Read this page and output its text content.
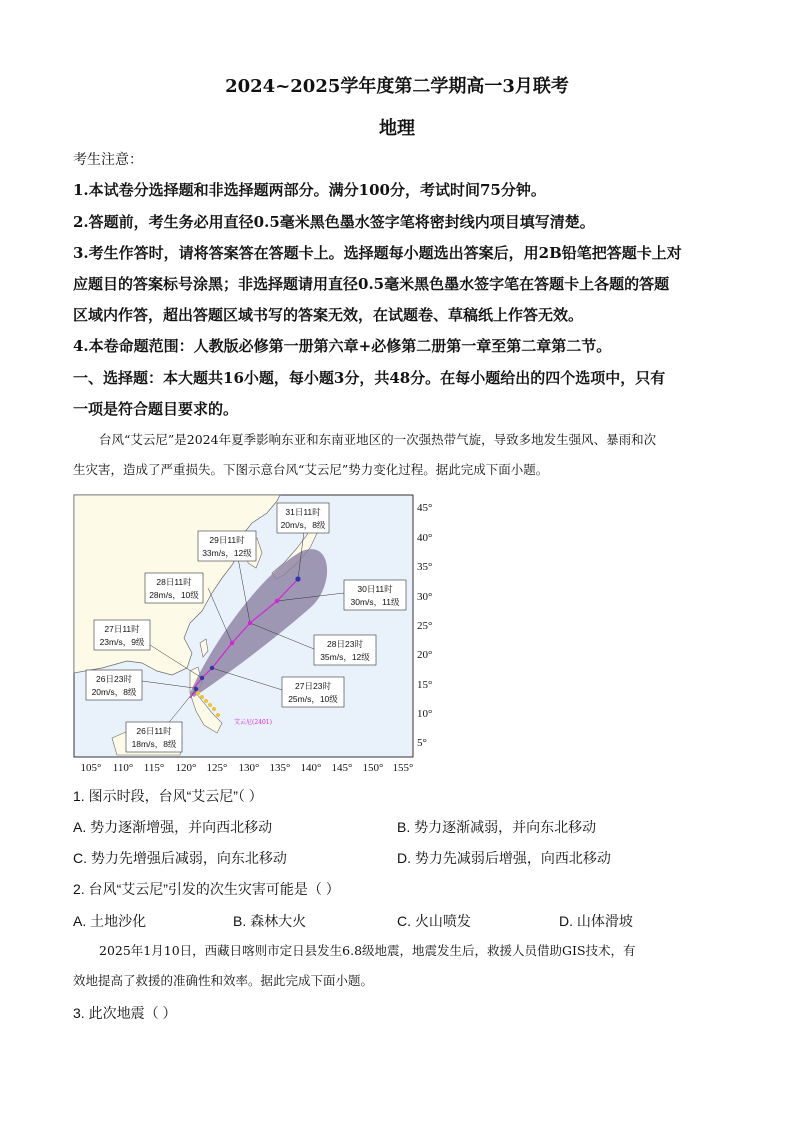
2024~2025学年度第二学期高一3月联考
地理
考生注意：
1.本试卷分选择题和非选择题两部分。满分100分，考试时间75分钟。
2.答题前，考生务必用直径0.5毫米黑色墨水签字笔将密封线内项目填写清楚。
3.考生作答时，请将答案答在答题卡上。选择题每小题选出答案后，用2B铅笔把答题卡上对
应题目的答案标号涂黑；非选择题请用直径0.5毫米黑色墨水签字笔在答题卡上各题的答题
区域内作答，超出答题区域书写的答案无效，在试题卷、草稿纸上作答无效。
4.本卷命题范围：人教版必修第一册第六章+必修第二册第一章至第二章第二节。
一、选择题：本大题共16小题，每小题3分，共48分。在每小题给出的四个选项中，只有
一项是符合题目要求的。
台风“艾云尼”是2024年夏季影响东亚和东南亚地区的一次强热带气旋，导致多地发生强风、暴雨和次
生灾害，造成了严重损失。下图示意台风“艾云尼”势力变化过程。据此完成下面小题。
艾云尼(2401)
31日11时
20m/s，8级
29日11时
33m/s，12级
28日11时
28m/s，10级
30日11时
30m/s，11级
27日11时
23m/s，9级	28日23时
35m/s，12级
26日23时
20m/s，8级
27日23时
25m/s，10级
26日11时
18m/s，8级
45°
40°
35°
30°
25°
20°
15°
10°
5°
105° 110° 115° 120° 125° 130° 135° 140° 145° 150° 155°
1. 图示时段，台风“艾云尼”（ ）
A. 势力逐渐增强，并向西北移动	B. 势力逐渐减弱，并向东北移动
C. 势力先增强后减弱，向东北移动	D. 势力先减弱后增强，向西北移动
2. 台风“艾云尼”引发的次生灾害可能是（ ）
A. 土地沙化	B. 森林大火	C. 火山喷发	D. 山体滑坡
2025年1月10日，西藏日喀则市定日县发生6.8级地震，地震发生后，救援人员借助GIS技术，有
效地提高了救援的准确性和效率。据此完成下面小题。
3. 此次地震（ ）
